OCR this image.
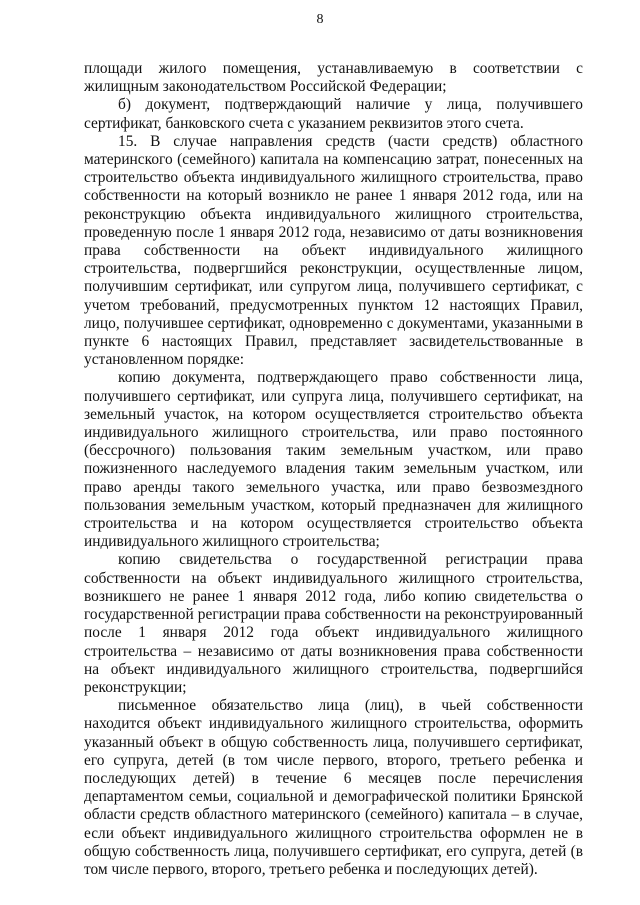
8

площади жилого помещения, устанавливаемую в соответствии с жилищным законодательством Российской Федерации;

б) документ, подтверждающий наличие у лица, получившего сертификат, банковского счета с указанием реквизитов этого счета.

15. В случае направления средств (части средств) областного материнского (семейного) капитала на компенсацию затрат, понесенных на строительство объекта индивидуального жилищного строительства, право собственности на который возникло не ранее 1 января 2012 года, или на реконструкцию объекта индивидуального жилищного строительства, проведенную после 1 января 2012 года, независимо от даты возникновения права собственности на объект индивидуального жилищного строительства, подвергшийся реконструкции, осуществленные лицом, получившим сертификат, или супругом лица, получившего сертификат, с учетом требований, предусмотренных пунктом 12 настоящих Правил, лицо, получившее сертификат, одновременно с документами, указанными в пункте 6 настоящих Правил, представляет засвидетельствованные в установленном порядке:

копию документа, подтверждающего право собственности лица, получившего сертификат, или супруга лица, получившего сертификат, на земельный участок, на котором осуществляется строительство объекта индивидуального жилищного строительства, или право постоянного (бессрочного) пользования таким земельным участком, или право пожизненного наследуемого владения таким земельным участком, или право аренды такого земельного участка, или право безвозмездного пользования земельным участком, который предназначен для жилищного строительства и на котором осуществляется строительство объекта индивидуального жилищного строительства;

копию свидетельства о государственной регистрации права собственности на объект индивидуального жилищного строительства, возникшего не ранее 1 января 2012 года, либо копию свидетельства о государственной регистрации права собственности на реконструированный после 1 января 2012 года объект индивидуального жилищного строительства – независимо от даты возникновения права собственности на объект индивидуального жилищного строительства, подвергшийся реконструкции;

письменное обязательство лица (лиц), в чьей собственности находится объект индивидуального жилищного строительства, оформить указанный объект в общую собственность лица, получившего сертификат, его супруга, детей (в том числе первого, второго, третьего ребенка и последующих детей) в течение 6 месяцев после перечисления департаментом семьи, социальной и демографической политики Брянской области средств областного материнского (семейного) капитала – в случае, если объект индивидуального жилищного строительства оформлен не в общую собственность лица, получившего сертификат, его супруга, детей (в том числе первого, второго, третьего ребенка и последующих детей).
